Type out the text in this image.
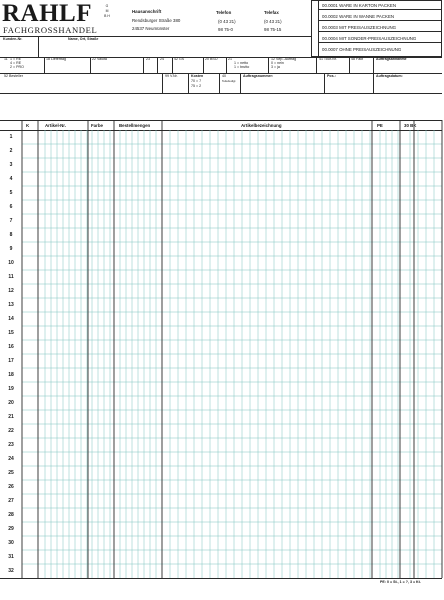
RAHLF	G M B H
FACHGROSSHANDEL
Hausanschrift
Rendsburger Straße 380
24537 Neumünster
Telefon
(0 43 21)
98 75-0
Telefax
(0 43 21)
98 75-15
00.0001 WARE IN KARTON PACKEN
00.0002 WARE IN WANNE PACKEN
00.0003 MIT PREISAUSZEICHNUNG
00.0004 MIT SONDER-PREISAUSZEICHNUNG
00.0007 OHNE PREISAUSZEICHNUNG
Kunden-Nr.	Name, Ort, Straße
11 1 = RE
4 = RE
2 = PRO
18 Lieferttag	22 Valuta	23	24	42 GS	20 BSO	21
1 = netto
1 = brutto
12 Sep.-Auftrag
0 = nein
3 = ja
41 Tour-Nr.	48 Fakt	Auftragsannahme
52 Besteller	99 V.Nr.	Kosten
70 = 7
75 = 2
40
Teilerledigt
Auftragsnummer:	Pos.:	Auftragsdatum:
K	Artikel-Nr.	Farbe	Bestellmengen	Artikelbezeichnung	PE	30 BK
1
2
3
4
5
6
7
8
9
10
11
12
13
14
15
16
17
18
19
20
21
22
23
24
25
26
27
28
29
30
31
32
PE: 0 = St., 1 = ?, 3 = Kt.
